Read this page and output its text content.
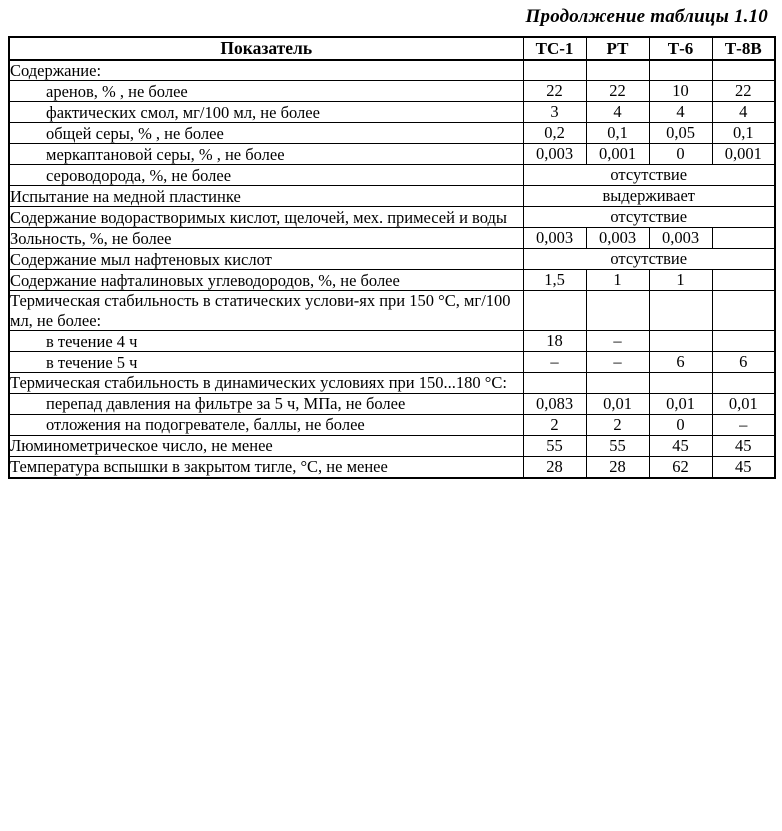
Продолжение таблицы 1.10
Показатель	ТС-1	РТ	Т-6	Т-8В
Содержание:				
аренов, % , не более	22	22	10	22
фактических смол, мг/100 мл, не более	3	4	4	4
общей серы, % , не более	0,2	0,1	0,05	0,1
меркаптановой серы, % , не более	0,003	0,001	0	0,001
сероводорода, %, не более	отсутствие			
Испытание на медной пластинке	выдерживает			
Содержание водорастворимых кислот, щелочей, мех. примесей и воды	отсутствие			
Зольность, %, не более	0,003	0,003	0,003	
Содержание мыл нафтеновых кислот	отсутствие			
Содержание нафталиновых углеводородов, %, не более	1,5	1	1	
Термическая стабильность в статических услови-ях при 150 °С, мг/100 мл, не более:				
в течение 4 ч	18	–		
в течение 5 ч	–	–	6	6
Термическая стабильность в динамических условиях при 150...180 °С:				
перепад давления на фильтре за 5 ч, МПа, не более	0,083	0,01	0,01	0,01
отложения на подогревателе, баллы, не более	2	2	0	–
Люминометрическое число, не менее	55	55	45	45
Температура вспышки в закрытом тигле, °С, не менее	28	28	62	45
